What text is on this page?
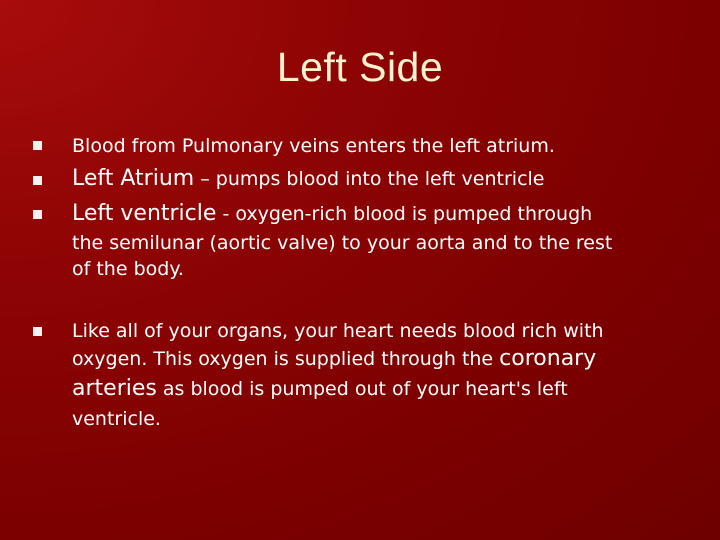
Left Side
Blood from Pulmonary veins enters the left atrium.
Left Atrium – pumps blood into the left ventricle
Left ventricle - oxygen-rich blood is pumped through
the semilunar (aortic valve) to your aorta and to the rest
of the body.
Like all of your organs, your heart needs blood rich with
oxygen. This oxygen is supplied through the coronary
arteries as blood is pumped out of your heart's left
ventricle.
